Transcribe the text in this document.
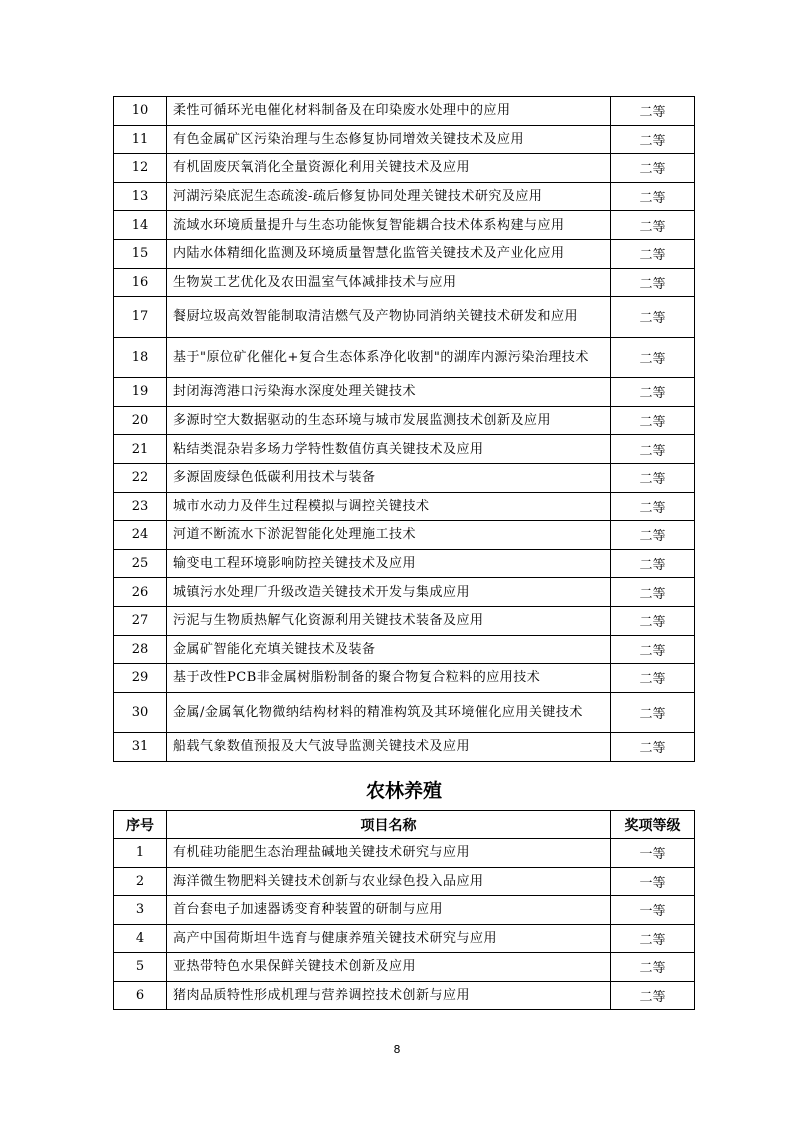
10	柔性可循环光电催化材料制备及在印染废水处理中的应用	二等
11	有色金属矿区污染治理与生态修复协同增效关键技术及应用	二等
12	有机固废厌氧消化全量资源化利用关键技术及应用	二等
13	河湖污染底泥生态疏浚-疏后修复协同处理关键技术研究及应用	二等
14	流域水环境质量提升与生态功能恢复智能耦合技术体系构建与应用	二等
15	内陆水体精细化监测及环境质量智慧化监管关键技术及产业化应用	二等
16	生物炭工艺优化及农田温室气体减排技术与应用	二等
17	餐厨垃圾高效智能制取清洁燃气及产物协同消纳关键技术研发和应用	二等
18	基于"原位矿化催化+复合生态体系净化收割"的湖库内源污染治理技术	二等
19	封闭海湾港口污染海水深度处理关键技术	二等
20	多源时空大数据驱动的生态环境与城市发展监测技术创新及应用	二等
21	粘结类混杂岩多场力学特性数值仿真关键技术及应用	二等
22	多源固废绿色低碳利用技术与装备	二等
23	城市水动力及伴生过程模拟与调控关键技术	二等
24	河道不断流水下淤泥智能化处理施工技术	二等
25	输变电工程环境影响防控关键技术及应用	二等
26	城镇污水处理厂升级改造关键技术开发与集成应用	二等
27	污泥与生物质热解气化资源利用关键技术装备及应用	二等
28	金属矿智能化充填关键技术及装备	二等
29	基于改性PCB非金属树脂粉制备的聚合物复合粒料的应用技术	二等
30	金属/金属氧化物微纳结构材料的精准构筑及其环境催化应用关键技术	二等
31	船载气象数值预报及大气波导监测关键技术及应用	二等
农林养殖
序号	项目名称	奖项等级
1	有机硅功能肥生态治理盐碱地关键技术研究与应用	一等
2	海洋微生物肥料关键技术创新与农业绿色投入品应用	一等
3	首台套电子加速器诱变育种装置的研制与应用	一等
4	高产中国荷斯坦牛选育与健康养殖关键技术研究与应用	二等
5	亚热带特色水果保鲜关键技术创新及应用	二等
6	猪肉品质特性形成机理与营养调控技术创新与应用	二等
8
